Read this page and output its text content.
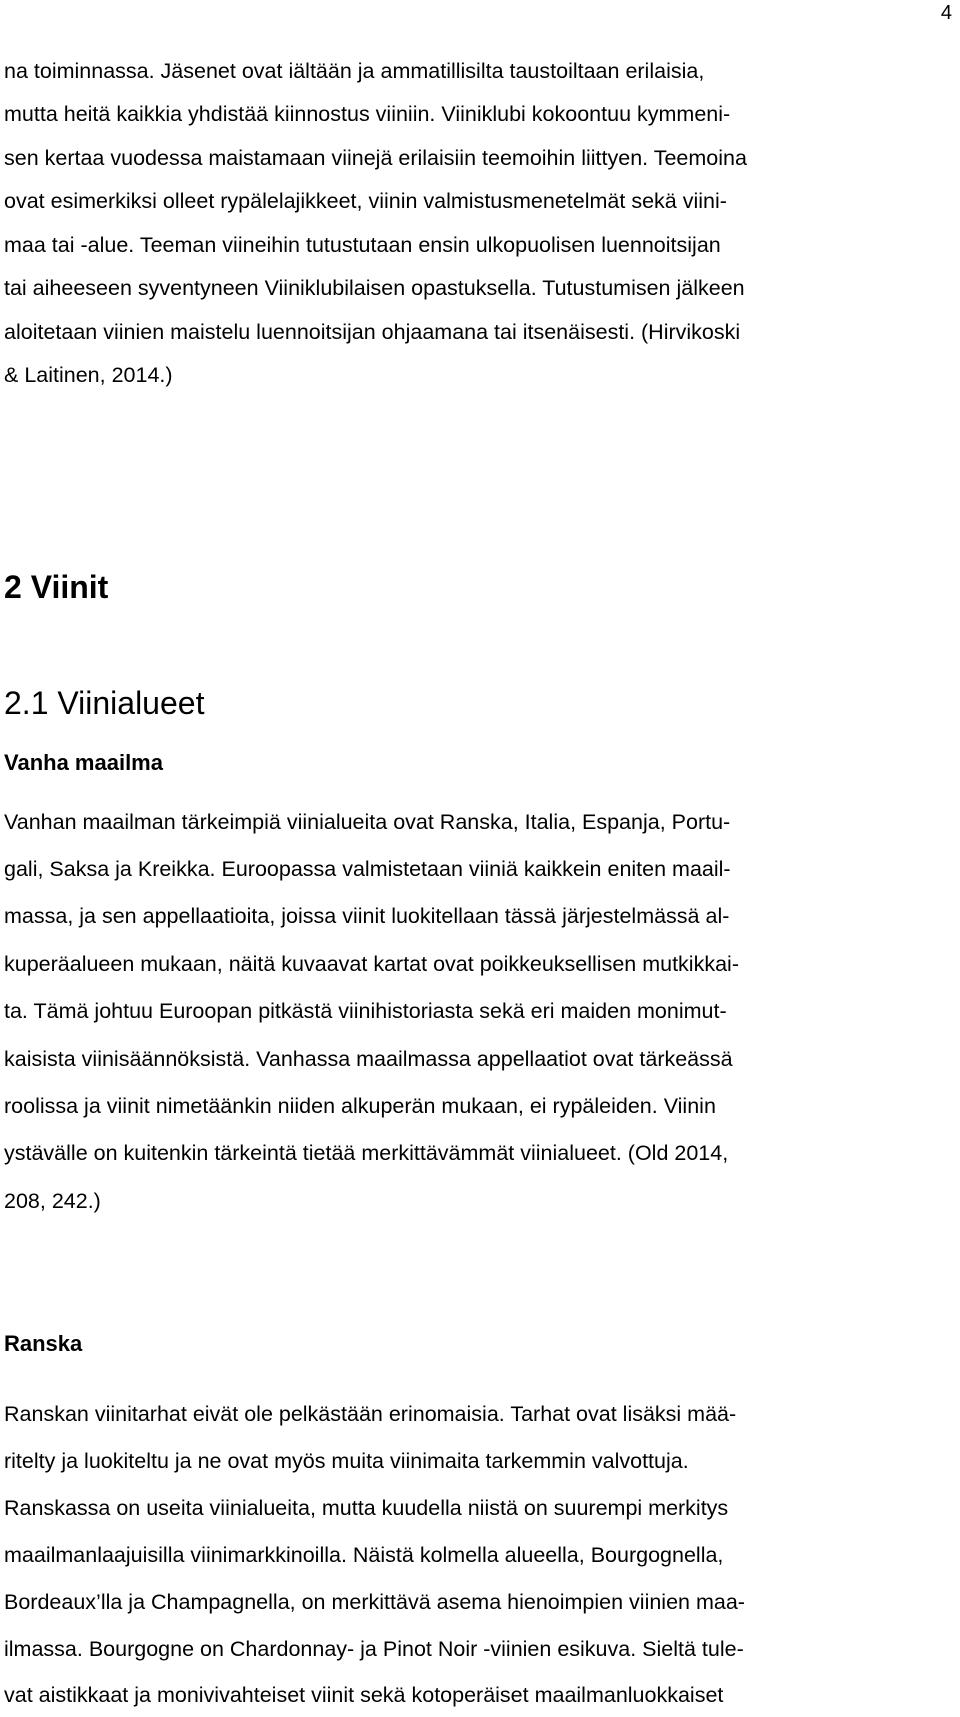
4
na toiminnassa. Jäsenet ovat iältään ja ammatillisilta taustoiltaan erilaisia,
mutta heitä kaikkia yhdistää kiinnostus viiniin. Viiniklubi kokoontuu kymmeni-
sen kertaa vuodessa maistamaan viinejä erilaisiin teemoihin liittyen. Teemoina
ovat esimerkiksi olleet rypälelajikkeet, viinin valmistusmenetelmät sekä viini-
maa tai -alue. Teeman viineihin tutustutaan ensin ulkopuolisen luennoitsijan
tai aiheeseen syventyneen Viiniklubilaisen opastuksella. Tutustumisen jälkeen
aloitetaan viinien maistelu luennoitsijan ohjaamana tai itsenäisesti. (Hirvikoski
& Laitinen, 2014.)
2 Viinit
2.1 Viinialueet
Vanha maailma
Vanhan maailman tärkeimpiä viinialueita ovat Ranska, Italia, Espanja, Portu-
gali, Saksa ja Kreikka. Euroopassa valmistetaan viiniä kaikkein eniten maail-
massa, ja sen appellaatioita, joissa viinit luokitellaan tässä järjestelmässä al-
kuperäalueen mukaan, näitä kuvaavat kartat ovat poikkeuksellisen mutkikkai-
ta. Tämä johtuu Euroopan pitkästä viinihistoriasta sekä eri maiden monimut-
kaisista viinisäännöksistä. Vanhassa maailmassa appellaatiot ovat tärkeässä
roolissa ja viinit nimetäänkin niiden alkuperän mukaan, ei rypäleiden. Viinin
ystävälle on kuitenkin tärkeintä tietää merkittävämmät viinialueet. (Old 2014,
208, 242.)
Ranska
Ranskan viinitarhat eivät ole pelkästään erinomaisia. Tarhat ovat lisäksi mää-
ritelty ja luokiteltu ja ne ovat myös muita viinimaita tarkemmin valvottuja.
Ranskassa on useita viinialueita, mutta kuudella niistä on suurempi merkitys
maailmanlaajuisilla viinimarkkinoilla. Näistä kolmella alueella, Bourgognella,
Bordeaux’lla ja Champagnella, on merkittävä asema hienoimpien viinien maa-
ilmassa. Bourgogne on Chardonnay- ja Pinot Noir -viinien esikuva. Sieltä tule-
vat aistikkaat ja monivivahteiset viinit sekä kotoperäiset maailmanluokkaiset
